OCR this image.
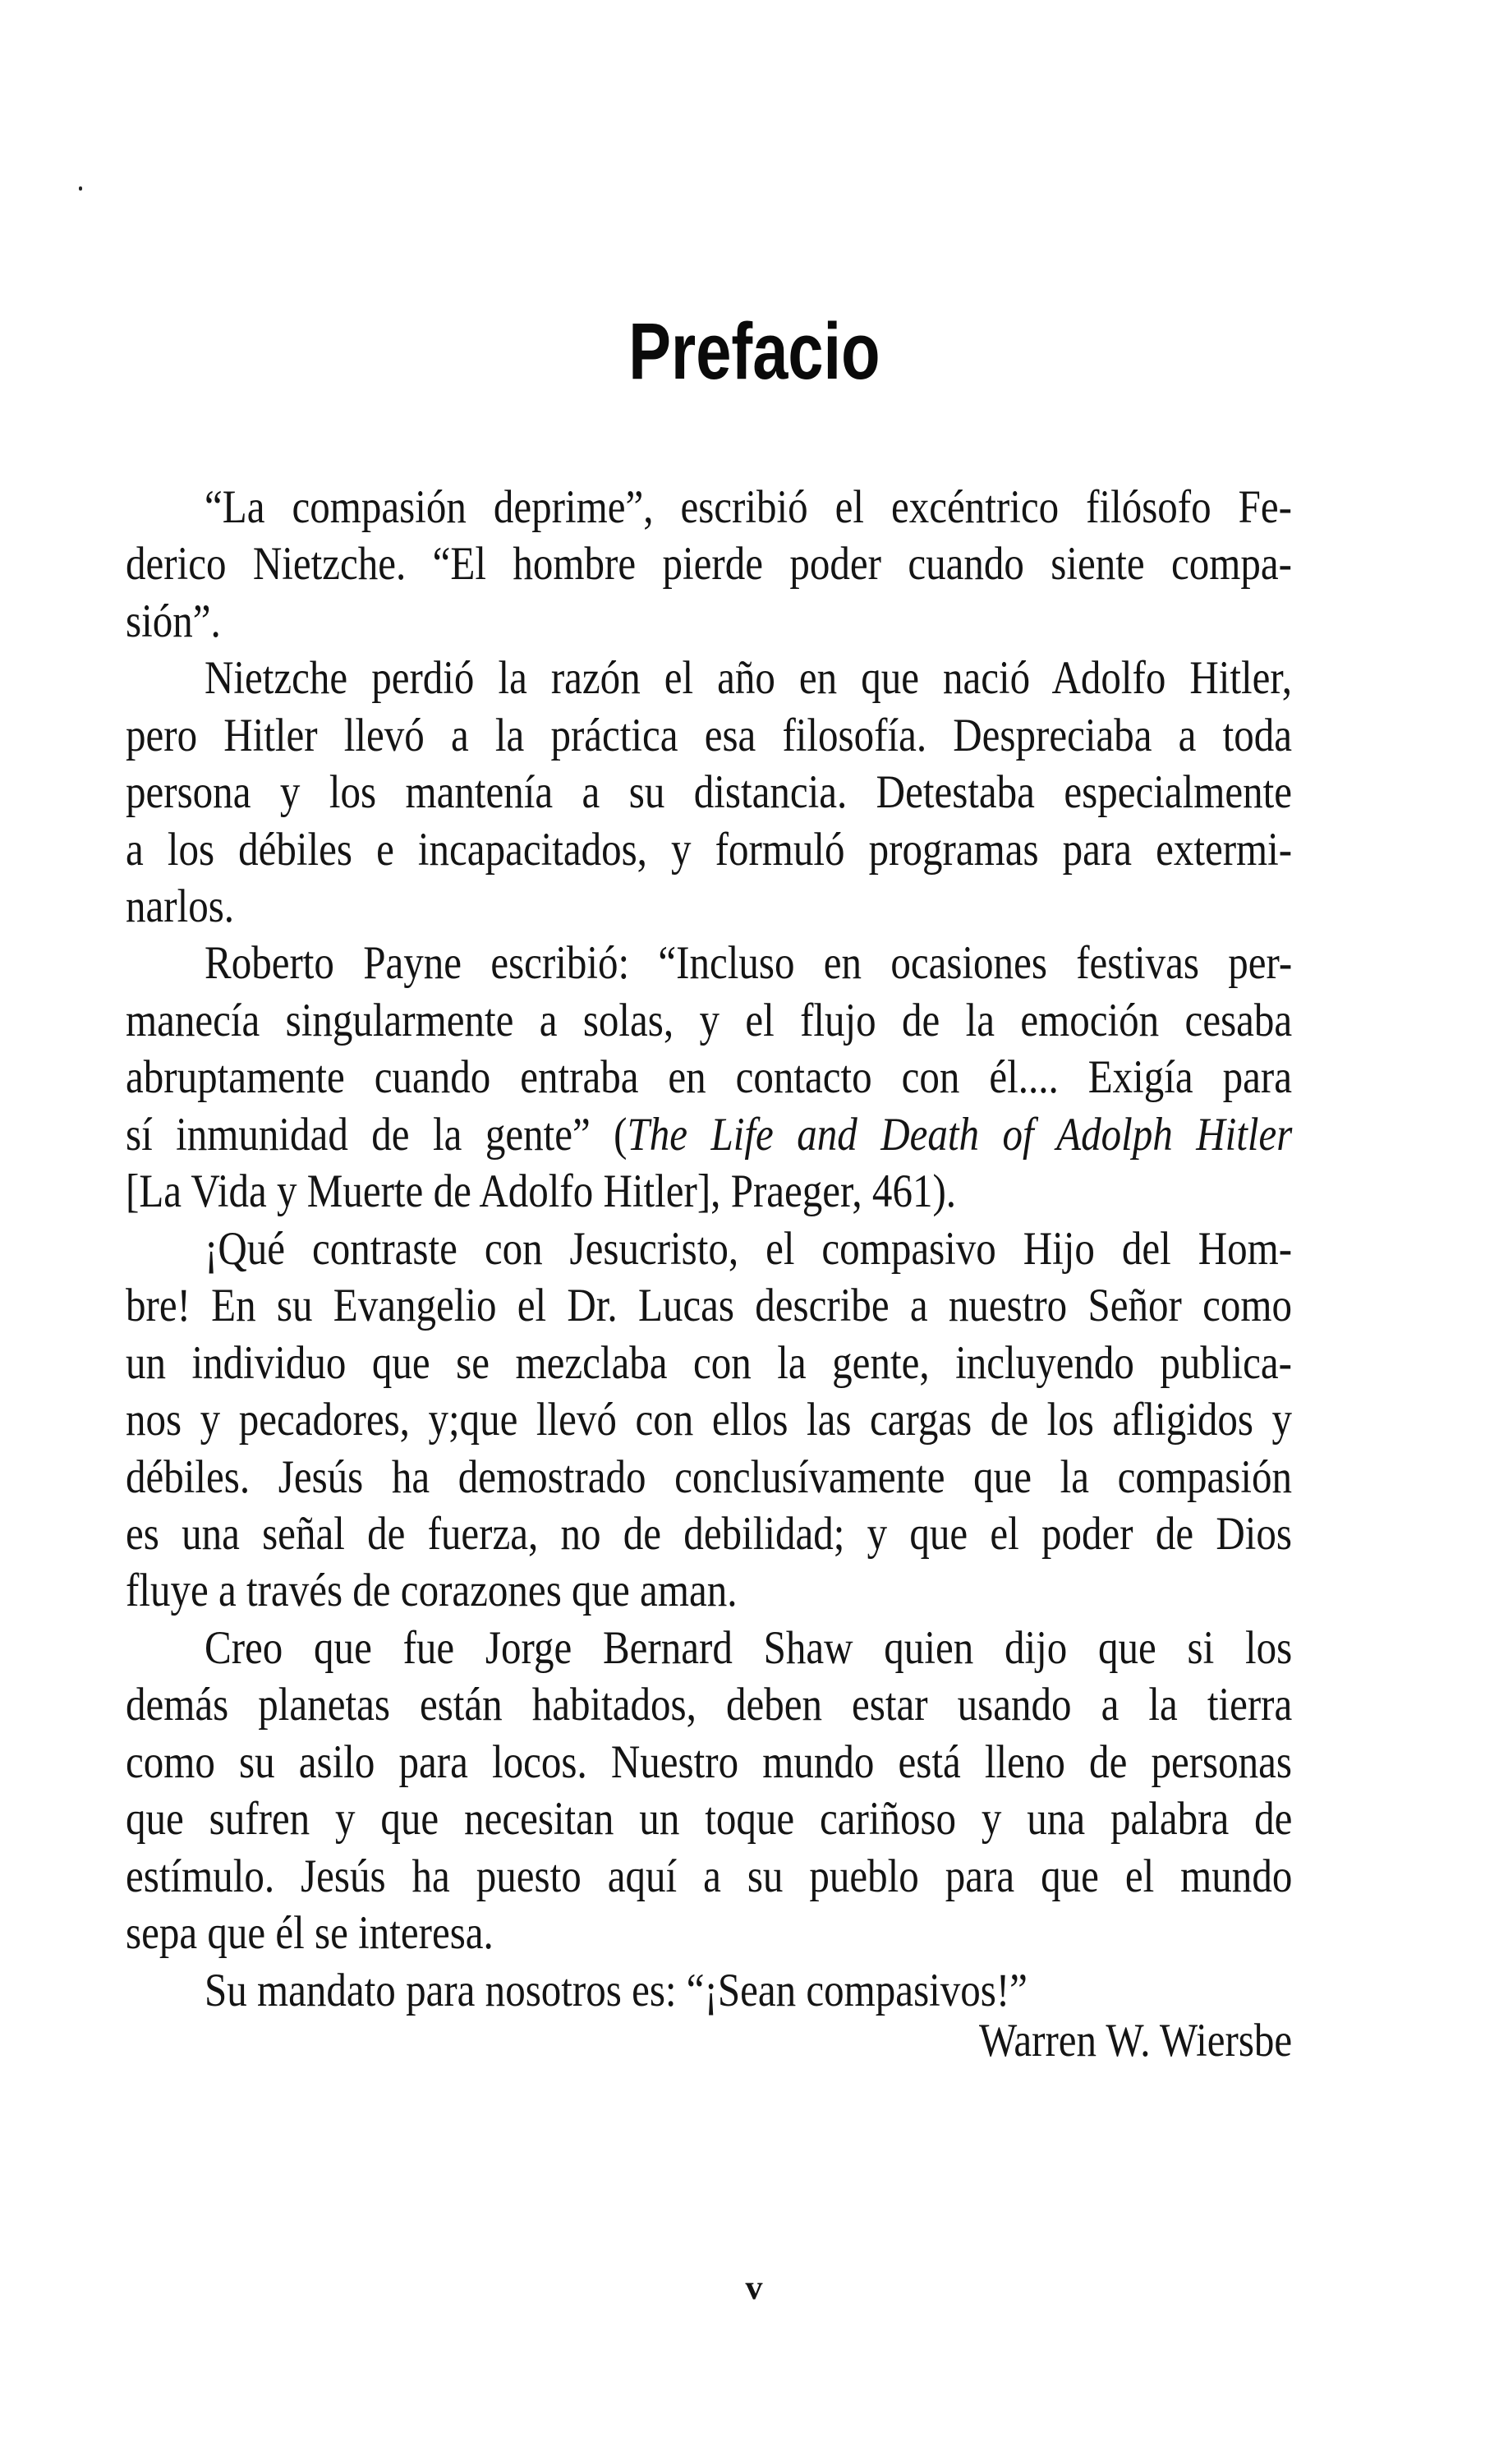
Prefacio
“La compasión deprime”, escribió el excéntrico filósofo Fe-
derico Nietzche. “El hombre pierde poder cuando siente compa-
sión”.
Nietzche perdió la razón el año en que nació Adolfo Hitler,
pero Hitler llevó a la práctica esa filosofía. Despreciaba a toda
persona y los mantenía a su distancia. Detestaba especialmente
a los débiles e incapacitados, y formuló programas para extermi-
narlos.
Roberto Payne escribió: “Incluso en ocasiones festivas per-
manecía singularmente a solas, y el flujo de la emoción cesaba
abruptamente cuando entraba en contacto con él.... Exigía para
sí inmunidad de la gente” (The Life and Death of Adolph Hitler
[La Vida y Muerte de Adolfo Hitler], Praeger, 461).
¡Qué contraste con Jesucristo, el compasivo Hijo del Hom-
bre! En su Evangelio el Dr. Lucas describe a nuestro Señor como
un individuo que se mezclaba con la gente, incluyendo publica-
nos y pecadores, y;que llevó con ellos las cargas de los afligidos y
débiles. Jesús ha demostrado conclusívamente que la compasión
es una señal de fuerza, no de debilidad; y que el poder de Dios
fluye a través de corazones que aman.
Creo que fue Jorge Bernard Shaw quien dijo que si los
demás planetas están habitados, deben estar usando a la tierra
como su asilo para locos. Nuestro mundo está lleno de personas
que sufren y que necesitan un toque cariñoso y una palabra de
estímulo. Jesús ha puesto aquí a su pueblo para que el mundo
sepa que él se interesa.
Su mandato para nosotros es: “¡Sean compasivos!”
Warren W. Wiersbe
v
